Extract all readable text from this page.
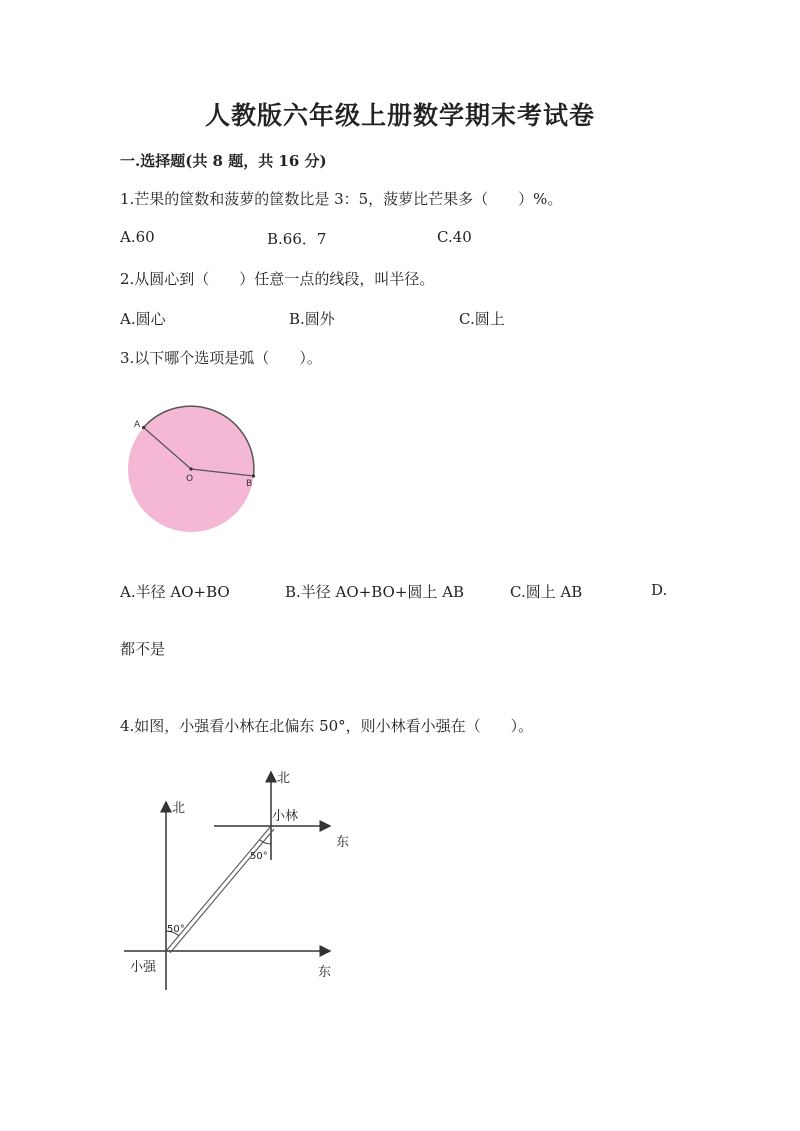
人教版六年级上册数学期末考试卷
一.选择题(共 8 题，共 16 分)
1.芒果的筐数和菠萝的筐数比是 3：5，菠萝比芒果多（　　）%。
A.60	B.66．7	C.40
2.从圆心到（　　）任意一点的线段，叫半径。
A.圆心	B.圆外	C.圆上
3.以下哪个选项是弧（　　）。
A
O	B
A.半径 AO+BO	B.半径 AO+BO+圆上 AB	C.圆上 AB	D.
都不是
4.如图，小强看小林在北偏东 50°，则小林看小强在（　　）。
北
北
东
东
小林
小强
50°
50°
